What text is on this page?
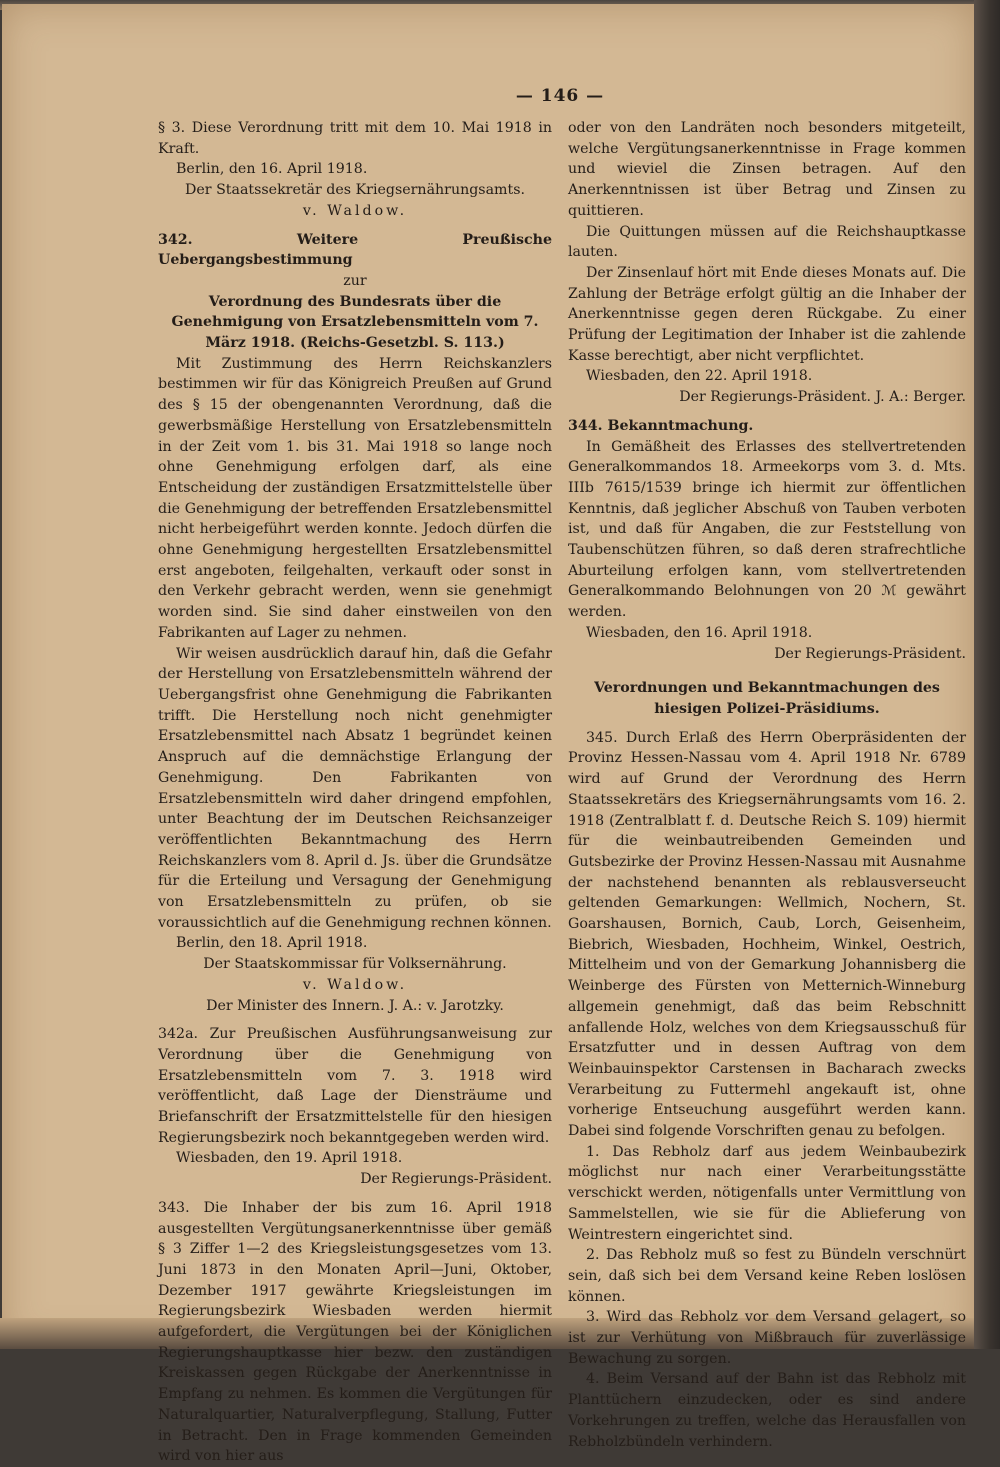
— 146 —

§ 3. Diese Verordnung tritt mit dem 10. Mai 1918 in Kraft.

Berlin, den 16. April 1918.

Der Staatssekretär des Kriegsernährungsamts.

v. Waldow.

342. Weitere Preußische Uebergangsbestimmung

zur

Verordnung des Bundesrats über die Genehmigung von Ersatzlebensmitteln vom 7. März 1918. (Reichs-Gesetzbl. S. 113.)

Mit Zustimmung des Herrn Reichskanzlers bestimmen wir für das Königreich Preußen auf Grund des § 15 der obengenannten Verordnung, daß die gewerbsmäßige Herstellung von Ersatzlebensmitteln in der Zeit vom 1. bis 31. Mai 1918 so lange noch ohne Genehmigung erfolgen darf, als eine Entscheidung der zuständigen Ersatzmittelstelle über die Genehmigung der betreffenden Ersatzlebensmittel nicht herbeigeführt werden konnte. Jedoch dürfen die ohne Genehmigung hergestellten Ersatzlebensmittel erst angeboten, feilgehalten, verkauft oder sonst in den Verkehr gebracht werden, wenn sie genehmigt worden sind. Sie sind daher einstweilen von den Fabrikanten auf Lager zu nehmen.

Wir weisen ausdrücklich darauf hin, daß die Gefahr der Herstellung von Ersatzlebensmitteln während der Uebergangsfrist ohne Genehmigung die Fabrikanten trifft. Die Herstellung noch nicht genehmigter Ersatzlebensmittel nach Absatz 1 begründet keinen Anspruch auf die demnächstige Erlangung der Genehmigung. Den Fabrikanten von Ersatzlebensmitteln wird daher dringend empfohlen, unter Beachtung der im Deutschen Reichsanzeiger veröffentlichten Bekanntmachung des Herrn Reichskanzlers vom 8. April d. Js. über die Grundsätze für die Erteilung und Versagung der Genehmigung von Ersatzlebensmitteln zu prüfen, ob sie voraussichtlich auf die Genehmigung rechnen können.

Berlin, den 18. April 1918.

Der Staatskommissar für Volksernährung.

v. Waldow.

Der Minister des Innern. J. A.: v. Jarotzky.

342a. Zur Preußischen Ausführungsanweisung zur Verordnung über die Genehmigung von Ersatzlebensmitteln vom 7. 3. 1918 wird veröffentlicht, daß Lage der Diensträume und Briefanschrift der Ersatzmittelstelle für den hiesigen Regierungsbezirk noch bekanntgegeben werden wird.

Wiesbaden, den 19. April 1918.

Der Regierungs-Präsident.

343. Die Inhaber der bis zum 16. April 1918 ausgestellten Vergütungsanerkenntnisse über gemäß § 3 Ziffer 1—2 des Kriegsleistungsgesetzes vom 13. Juni 1873 in den Monaten April—Juni, Oktober, Dezember 1917 gewährte Kriegsleistungen im Regierungsbezirk Wiesbaden werden hiermit aufgefordert, die Vergütungen bei der Königlichen Regierungshauptkasse hier bezw. den zuständigen Kreiskassen gegen Rückgabe der Anerkenntnisse in Empfang zu nehmen. Es kommen die Vergütungen für Naturalquartier, Naturalverpflegung, Stallung, Futter in Betracht. Den in Frage kommenden Gemeinden wird von hier aus

oder von den Landräten noch besonders mitgeteilt, welche Vergütungsanerkenntnisse in Frage kommen und wieviel die Zinsen betragen. Auf den Anerkenntnissen ist über Betrag und Zinsen zu quittieren.

Die Quittungen müssen auf die Reichshauptkasse lauten.

Der Zinsenlauf hört mit Ende dieses Monats auf. Die Zahlung der Beträge erfolgt gültig an die Inhaber der Anerkenntnisse gegen deren Rückgabe. Zu einer Prüfung der Legitimation der Inhaber ist die zahlende Kasse berechtigt, aber nicht verpflichtet.

Wiesbaden, den 22. April 1918.

Der Regierungs-Präsident. J. A.: Berger.

344. Bekanntmachung.

In Gemäßheit des Erlasses des stellvertretenden Generalkommandos 18. Armeekorps vom 3. d. Mts. IIIb 7615/1539 bringe ich hiermit zur öffentlichen Kenntnis, daß jeglicher Abschuß von Tauben verboten ist, und daß für Angaben, die zur Feststellung von Taubenschützen führen, so daß deren strafrechtliche Aburteilung erfolgen kann, vom stellvertretenden Generalkommando Belohnungen von 20 ℳ gewährt werden.

Wiesbaden, den 16. April 1918.

Der Regierungs-Präsident.

Verordnungen und Bekanntmachungen des hiesigen Polizei-Präsidiums.

345. Durch Erlaß des Herrn Oberpräsidenten der Provinz Hessen-Nassau vom 4. April 1918 Nr. 6789 wird auf Grund der Verordnung des Herrn Staatssekretärs des Kriegsernährungsamts vom 16. 2. 1918 (Zentralblatt f. d. Deutsche Reich S. 109) hiermit für die weinbautreibenden Gemeinden und Gutsbezirke der Provinz Hessen-Nassau mit Ausnahme der nachstehend benannten als reblausverseucht geltenden Gemarkungen: Wellmich, Nochern, St. Goarshausen, Bornich, Caub, Lorch, Geisenheim, Biebrich, Wiesbaden, Hochheim, Winkel, Oestrich, Mittelheim und von der Gemarkung Johannisberg die Weinberge des Fürsten von Metternich-Winneburg allgemein genehmigt, daß das beim Rebschnitt anfallende Holz, welches von dem Kriegsausschuß für Ersatzfutter und in dessen Auftrag von dem Weinbauinspektor Carstensen in Bacharach zwecks Verarbeitung zu Futtermehl angekauft ist, ohne vorherige Entseuchung ausgeführt werden kann. Dabei sind folgende Vorschriften genau zu befolgen.

1. Das Rebholz darf aus jedem Weinbaubezirk möglichst nur nach einer Verarbeitungsstätte verschickt werden, nötigenfalls unter Vermittlung von Sammelstellen, wie sie für die Ablieferung von Weintrestern eingerichtet sind.

2. Das Rebholz muß so fest zu Bündeln verschnürt sein, daß sich bei dem Versand keine Reben loslösen können.

3. Wird das Rebholz vor dem Versand gelagert, so ist zur Verhütung von Mißbrauch für zuverlässige Bewachung zu sorgen.

4. Beim Versand auf der Bahn ist das Rebholz mit Planttüchern einzudecken, oder es sind andere Vorkehrungen zu treffen, welche das Herausfallen von Rebholzbündeln verhindern.
